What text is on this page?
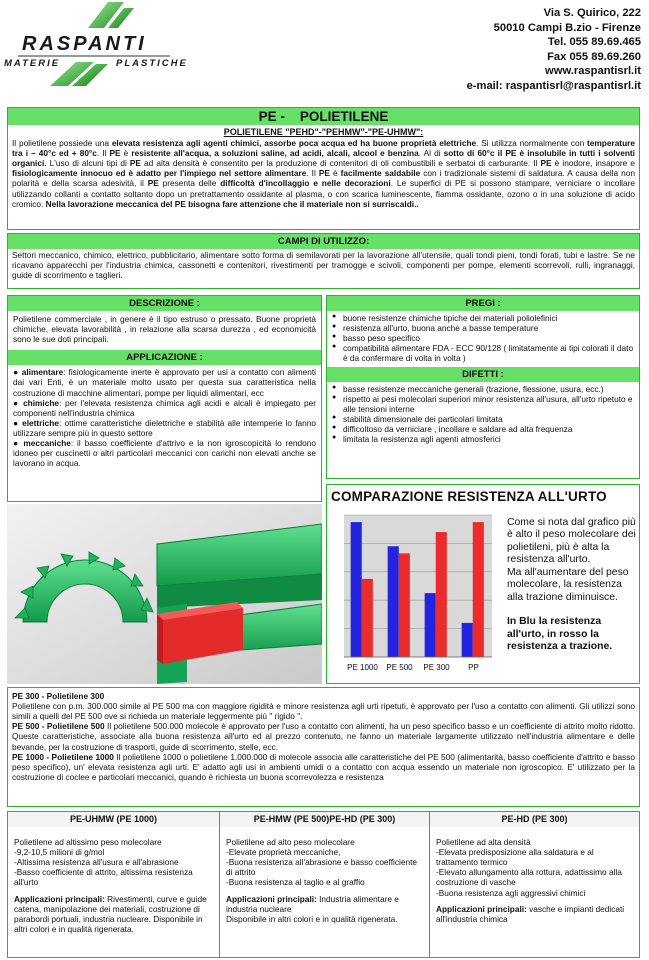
RASPANTI
MATERIE	PLASTICHE
Via S. Quirico, 222
50010 Campi B.zio - Firenze
Tel. 055 89.69.465
Fax 055 89.69.260
www.raspantisrl.it
e-mail: raspantisrl@raspantisrl.it
PE -    POLIETILENE
POLIETILENE "PEHD"-"PEHMW"-"PE-UHMW":
Il polietilene possiede una elevata resistenza agli agenti chimici, assorbe poca acqua ed ha buone proprietà elettriche. Si utilizza normalmente con temperature tra i – 40°c ed + 80°c. Il PE è resistente all'acqua, a soluzioni saline, ad acidi, alcali, alcool e benzina. Al di sotto di 60°c il PE è insolubile in tutti i solventi organici. L'uso di alcuni tipi di PE ad alta densità è consentito per la produzione di contenitori di oli combustibili e serbatoi di carburante. Il PE è inodore, insapore e fisiologicamente innocuo ed è adatto per l'impiego nel settore alimentare. Il PE è facilmente saldabile con i tradizionale sistemi di saldatura. A causa della non polarità e della scarsa adesività, il PE presenta delle difficoltà d'incollaggio e nelle decorazioni. Le superfici di PE si possono stampare, verniciare o incollare utilizzando collanti a contatto soltanto dopo un pretrattamento ossidante al plasma, o con scarica luminescente, fiamma ossidante, ozono o in una soluzione di acido cromico. Nella lavorazione meccanica del PE bisogna fare attenzione che il materiale non si surriscaldi..
CAMPI DI UTILIZZO:
Settori meccanico, chimico, elettrico, pubblicitario, alimentare sotto forma di semilavorati per la lavorazione all'utensile, quali tondi pieni, tondi forati, tubi e lastre. Se ne ricavano apparecchi per l'industria chimica, cassonetti e contenitori, rivestimenti per tramogge e scivoli, componenti per pompe, elementi scorrevoli, rulli, ingranaggi, guide di scorrimento e taglieri.
DESCRIZIONE :
Polietilene commerciale , in genere è il tipo estruso o pressato. Buone proprietà chimiche, elevata lavorabilità , in relazione alla scarsa durezza , ed economicità sono le sue doti principali.
APPLICAZIONE :
● alimentare: fisiologicamente inerte è approvato per usi a contatto con alimenti dai vari Enti, è un materiale molto usato per questa sua caratteristica nella costruzione di macchine alimentari, pompe per liquidi alimentari, ecc
● chimiche: per l'elevata resistenza chimica agli acidi e alcali è impiegato per componenti nell'industria chimica
● elettriche: ottime caratteristiche dielettriche e stabilità alle intemperie lo fanno utilizzare sempre più in questo settore
● meccaniche: il basso coefficiente d'attrivo e la non igroscopicità lo rendono idoneo per cuscinetti o altri particolari meccanici con carichi non elevati anche se lavorano in acqua.
PREGI :
● buone resistenze chimiche tipiche dei materiali poliolefinici
● resistenza all'urto, buona anche a basse temperature
● basso peso specifico
● compatibilità alimentare FDA - ECC 90/128 ( limitatamente ai tipi colorati il dato è da confermare di volta in volta )
DIFETTI :
● basse resistenze meccaniche generali (trazione, flessione, usura, ecc.)
● rispetto ai pesi molecolari superiori minor resistenza all'usura, all'urto ripetuto e alle tensioni interne
● stabilità dimensionale dei particolari limitata
● difficoltoso da verniciare , incollare e saldare ad alta frequenza
● limitata la resistenza agli agenti atmosferici
COMPARAZIONE RESISTENZA ALL'URTO
PE 1000 PE 500 PE 300 PP
Come si nota dal grafico più è alto il peso molecolare dei polietileni, più è alta la resistenza all'urto.
Ma all'aumentare del peso molecolare, la resistenza alla trazione diminuisce.
In Blu la resistenza all'urto, in rosso la resistenza a trazione.
PE 300 - Polietilene 300
Polietilene con p.m. 300.000 simile al PE 500 ma con maggiore rigidità e minore resistenza agli urti ripetuti, è approvato per l'uso a contatto con alimenti. Gli utilizzi sono simili a quelli del PE 500 ove si richieda un materiale leggermente più " rigido ".
PE 500 - Polietilene 500 Il polietilene 500.000 molecole è approvato per l'uso a contatto con alimenti, ha un peso specifico basso e un coefficiente di attrito molto ridotto. Queste caratteristiche, associate alla buona resistenza all'urto ed al prezzo contenuto, ne fanno un materiale largamente utilizzato nell'industria alimentare e delle bevande, per la costruzione di trasporti, guide di scorrimento, stelle, ecc.
PE 1000 - Polietilene 1000 Il polietilene 1000 o polietilene 1.000.000 di molecole associa alle caratteristiche del PE 500 (alimentarità, basso coefficiente d'attrito e basso peso specifico), un' elevata resistenza agli urti. E' adatto agli usi in ambienti umidi o a contatto con acqua essendo un materiale non igroscopico. E' utilizzato per la costruzione di coclee e particolari meccanici, quando è richiesta un buona scorrevolezza e resistenza
PE-UHMW (PE 1000)
Polietilene ad altissimo peso molecolare
-9,2-10,5 milioni di g/mol
-Altissima resistenza all'usura e all'abrasione
-Basso coefficiente di attrito, altissima resistenza all'urto
Applicazioni principali: Rivestimenti, curve e guide catena, manipolazione dei materiali, costruzione di parabordi portuali, industria nucleare. Disponibile in altri colori e in qualità rigenerata.
PE-HMW (PE 500)PE-HD (PE 300)
Polietilene ad alto peso molecolare
-Elevate proprietà meccaniche,
-Buona resistenza all'abrasione e basso coefficiente di attrito
-Buona resistenza al taglio e al graffio
Applicazioni principali: Industria alimentare e industria nucleare
Disponibile in altri colori e in qualità rigenerata.
PE-HD (PE 300)
Polietilene ad alta densità
-Elevata predisposizione alla saldatura e al trattamento termico
-Elevato allungamento alla rottura, adattissimo alla costruzione di vasche
-Buona resistenza agli aggressivi chimici
Applicazioni principali: vasche e impianti dedicati all'industria chimica
